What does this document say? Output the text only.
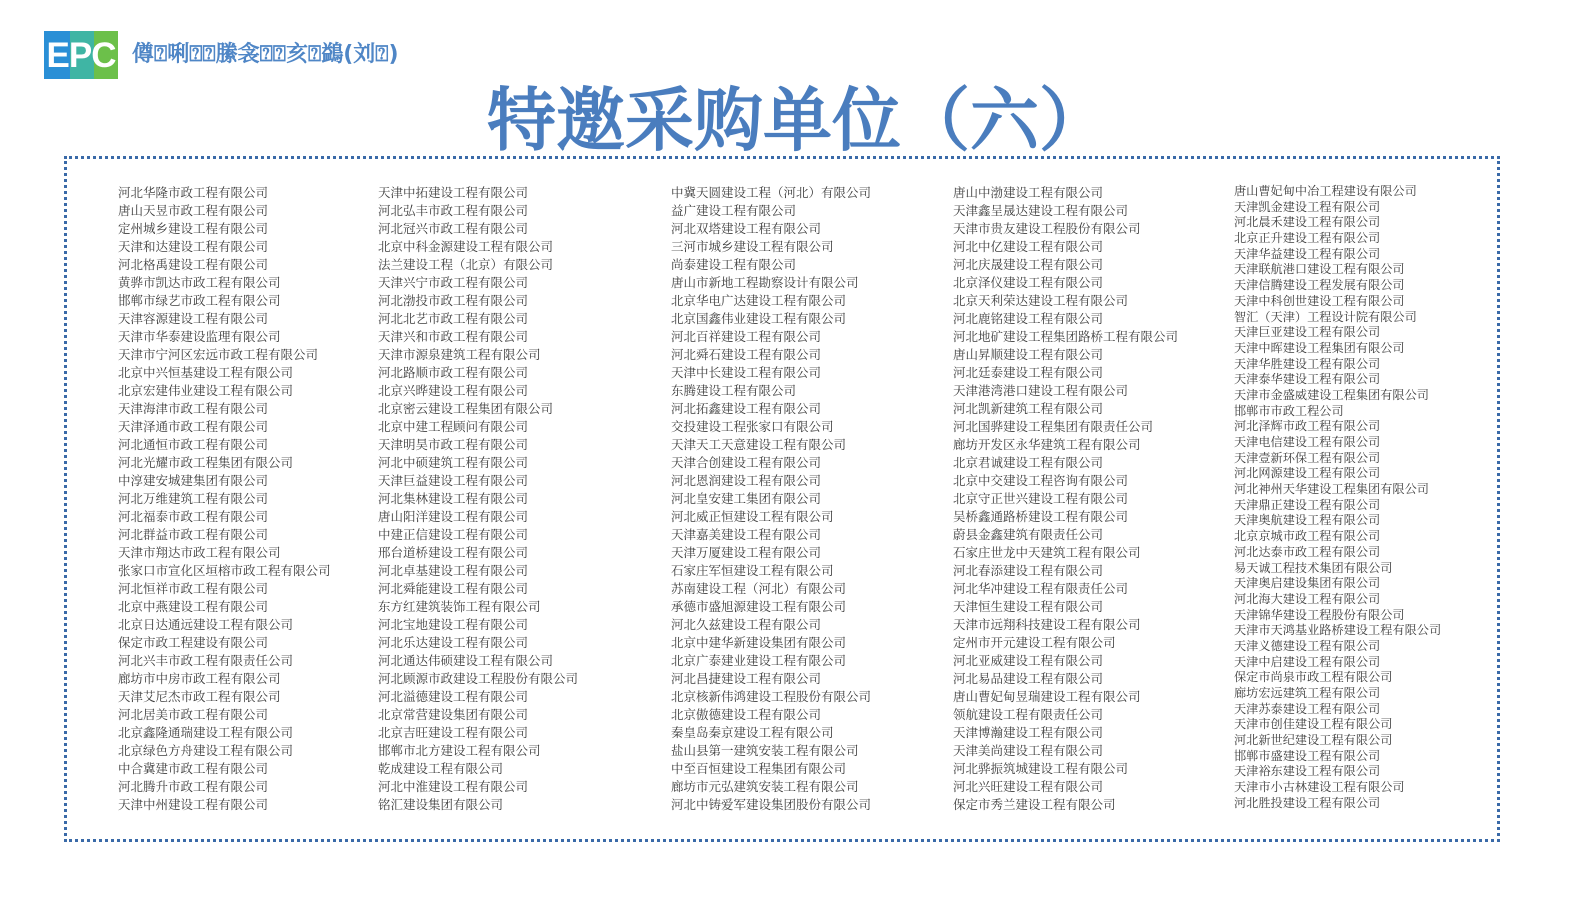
EPC 僔⍰唎⍰⍰縢衾⍰⍰亥⍰鷁(刘⍰)
特邀采购单位（六）
河北华隆市政工程有限公司
唐山天昱市政工程有限公司
定州城乡建设工程有限公司
天津和达建设工程有限公司
河北格禹建设工程有限公司
黄骅市凯达市政工程有限公司
邯郸市绿艺市政工程有限公司
天津容源建设工程有限公司
天津市华泰建设监理有限公司
天津市宁河区宏远市政工程有限公司
北京中兴恒基建设工程有限公司
北京宏建伟业建设工程有限公司
天津海津市政工程有限公司
天津泽通市政工程有限公司
河北通恒市政工程有限公司
河北光耀市政工程集团有限公司
中淳建安城建集团有限公司
河北万维建筑工程有限公司
河北福泰市政工程有限公司
河北群益市政工程有限公司
天津市翔达市政工程有限公司
张家口市宣化区垣榕市政工程有限公司
河北恒祥市政工程有限公司
北京中燕建设工程有限公司
北京日达通远建设工程有限公司
保定市政工程建设有限公司
河北兴丰市政工程有限责任公司
廊坊市中房市政工程有限公司
天津艾尼杰市政工程有限公司
河北居美市政工程有限公司
北京鑫隆通瑞建设工程有限公司
北京绿色方舟建设工程有限公司
中合冀建市政工程有限公司
河北腾升市政工程有限公司
天津中州建设工程有限公司
天津中拓建设工程有限公司
河北弘丰市政工程有限公司
河北冠兴市政工程有限公司
北京中科金源建设工程有限公司
法兰建设工程（北京）有限公司
天津兴宁市政工程有限公司
河北渤投市政工程有限公司
河北北艺市政工程有限公司
天津兴和市政工程有限公司
天津市源泉建筑工程有限公司
河北路顺市政工程有限公司
北京兴晔建设工程有限公司
北京密云建设工程集团有限公司
北京中建工程顾问有限公司
天津明昊市政工程有限公司
河北中硕建筑工程有限公司
天津巨益建设工程有限公司
河北集林建设工程有限公司
唐山阳洋建设工程有限公司
中建正信建设工程有限公司
邢台道桥建设工程有限公司
河北卓基建设工程有限公司
河北舜能建设工程有限公司
东方红建筑装饰工程有限公司
河北宝地建设工程有限公司
河北乐达建设工程有限公司
河北通达伟硕建设工程有限公司
河北顾源市政建设工程股份有限公司
河北溢德建设工程有限公司
北京常营建设集团有限公司
北京吉旺建设工程有限公司
邯郸市北方建设工程有限公司
乾成建设工程有限公司
河北中淮建设工程有限公司
铭汇建设集团有限公司
中冀天圆建设工程（河北）有限公司
益广建设工程有限公司
河北双塔建设工程有限公司
三河市城乡建设工程有限公司
尚泰建设工程有限公司
唐山市新地工程勘察设计有限公司
北京华电广达建设工程有限公司
北京国鑫伟业建设工程有限公司
河北百祥建设工程有限公司
河北舜石建设工程有限公司
天津中长建设工程有限公司
东腾建设工程有限公司
河北拓鑫建设工程有限公司
交投建设工程张家口有限公司
天津天工天意建设工程有限公司
天津合创建设工程有限公司
河北恩润建设工程有限公司
河北皇安建工集团有限公司
河北威正恒建设工程有限公司
天津嘉美建设工程有限公司
天津万厦建设工程有限公司
石家庄军恒建设工程有限公司
苏南建设工程（河北）有限公司
承德市盛旭源建设工程有限公司
河北久兹建设工程有限公司
北京中建华新建设集团有限公司
北京广泰建业建设工程有限公司
河北昌捷建设工程有限公司
北京核新伟鸿建设工程股份有限公司
北京傲德建设工程有限公司
秦皇岛秦京建设工程有限公司
盐山县第一建筑安装工程有限公司
中至百恒建设工程集团有限公司
廊坊市元弘建筑安装工程有限公司
河北中铸爱军建设集团股份有限公司
唐山中渤建设工程有限公司
天津鑫呈晟达建设工程有限公司
天津市贵友建设工程股份有限公司
河北中亿建设工程有限公司
河北庆晟建设工程有限公司
北京泽仪建设工程有限公司
北京天利荣达建设工程有限公司
河北鹿铭建设工程有限公司
河北地矿建设工程集团路桥工程有限公司
唐山昇顺建设工程有限公司
河北廷泰建设工程有限公司
天津港湾港口建设工程有限公司
河北凯新建筑工程有限公司
河北国骅建设工程集团有限责任公司
廊坊开发区永华建筑工程有限公司
北京君诚建设工程有限公司
北京中交建设工程咨询有限公司
北京守正世兴建设工程有限公司
吴桥鑫通路桥建设工程有限公司
蔚县金鑫建筑有限责任公司
石家庄世龙中天建筑工程有限公司
河北春添建设工程有限公司
河北华冲建设工程有限责任公司
天津恒生建设工程有限公司
天津市远翔科技建设工程有限公司
定州市开元建设工程有限公司
河北亚威建设工程有限公司
河北易品建设工程有限公司
唐山曹妃甸昱瑞建设工程有限公司
领航建设工程有限责任公司
天津博瀚建设工程有限公司
天津美尚建设工程有限公司
河北骅振筑城建设工程有限公司
河北兴旺建设工程有限公司
保定市秀兰建设工程有限公司
唐山曹妃甸中冶工程建设有限公司
天津凯金建设工程有限公司
河北晨禾建设工程有限公司
北京正升建设工程有限公司
天津华益建设工程有限公司
天津联航港口建设工程有限公司
天津信腾建设工程发展有限公司
天津中科创世建设工程有限公司
智汇（天津）工程设计院有限公司
天津巨亚建设工程有限公司
天津中晖建设工程集团有限公司
天津华胜建设工程有限公司
天津泰华建设工程有限公司
天津市金盛威建设工程集团有限公司
邯郸市市政工程公司
河北泽辉市政工程有限公司
天津电信建设工程有限公司
天津壹新环保工程有限公司
河北网源建设工程有限公司
河北神州天华建设工程集团有限公司
天津鼎正建设工程有限公司
天津奥航建设工程有限公司
北京京城市政工程有限公司
河北达泰市政工程有限公司
易天诚工程技术集团有限公司
天津奥启建设集团有限公司
河北海大建设工程有限公司
天津锦华建设工程股份有限公司
天津市天鸿基业路桥建设工程有限公司
天津义德建设工程有限公司
天津中启建设工程有限公司
保定市尚泉市政工程有限公司
廊坊宏远建筑工程有限公司
天津苏泰建设工程有限公司
天津市创佳建设工程有限公司
河北新世纪建设工程有限公司
邯郸市盛建设工程有限公司
天津裕东建设工程有限公司
天津市小古林建设工程有限公司
河北胜投建设工程有限公司
